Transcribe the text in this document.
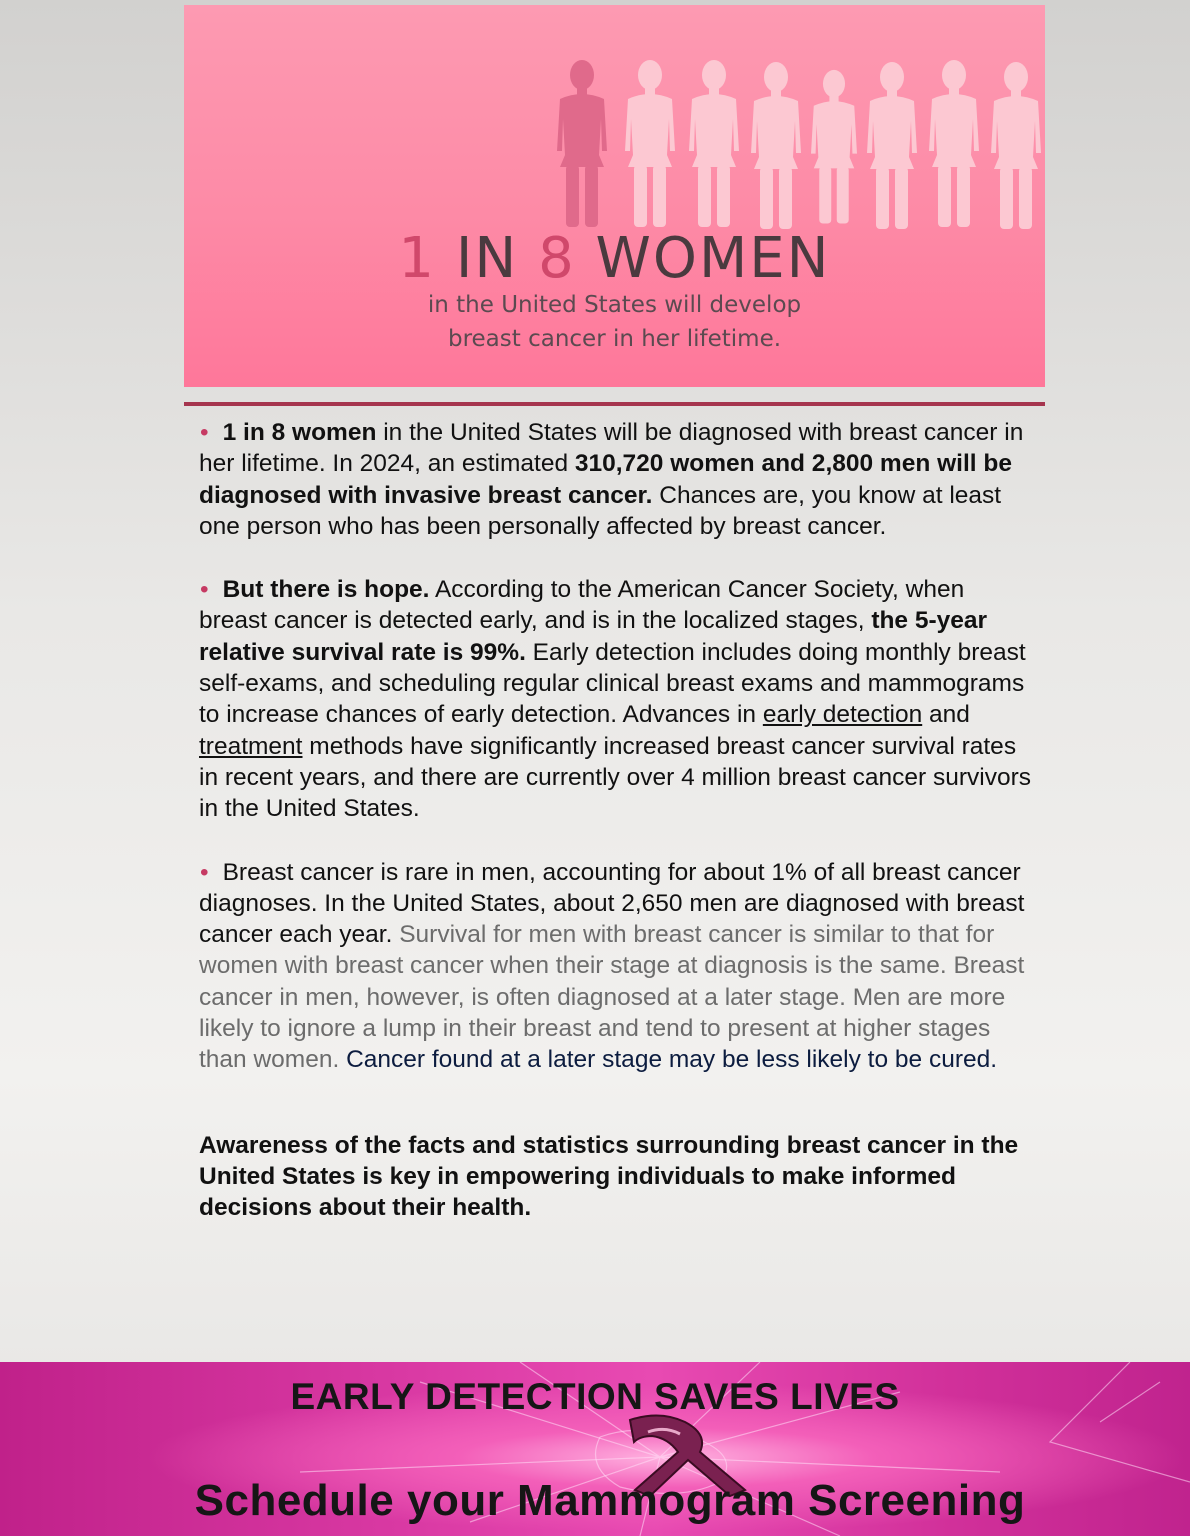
1 IN 8 WOMEN
in the United States will develop
breast cancer in her lifetime.

• 1 in 8 women in the United States will be diagnosed with breast cancer in her lifetime. In 2024, an estimated 310,720 women and 2,800 men will be diagnosed with invasive breast cancer. Chances are, you know at least one person who has been personally affected by breast cancer.

• But there is hope. According to the American Cancer Society, when breast cancer is detected early, and is in the localized stages, the 5-year relative survival rate is 99%. Early detection includes doing monthly breast self-exams, and scheduling regular clinical breast exams and mammograms to increase chances of early detection. Advances in early detection and treatment methods have significantly increased breast cancer survival rates in recent years, and there are currently over 4 million breast cancer survivors in the United States.

• Breast cancer is rare in men, accounting for about 1% of all breast cancer diagnoses. In the United States, about 2,650 men are diagnosed with breast cancer each year. Survival for men with breast cancer is similar to that for women with breast cancer when their stage at diagnosis is the same. Breast cancer in men, however, is often diagnosed at a later stage. Men are more likely to ignore a lump in their breast and tend to present at higher stages than women. Cancer found at a later stage may be less likely to be cured.

Awareness of the facts and statistics surrounding breast cancer in the United States is key in empowering individuals to make informed decisions about their health.

EARLY DETECTION SAVES LIVES
Schedule your Mammogram Screening
